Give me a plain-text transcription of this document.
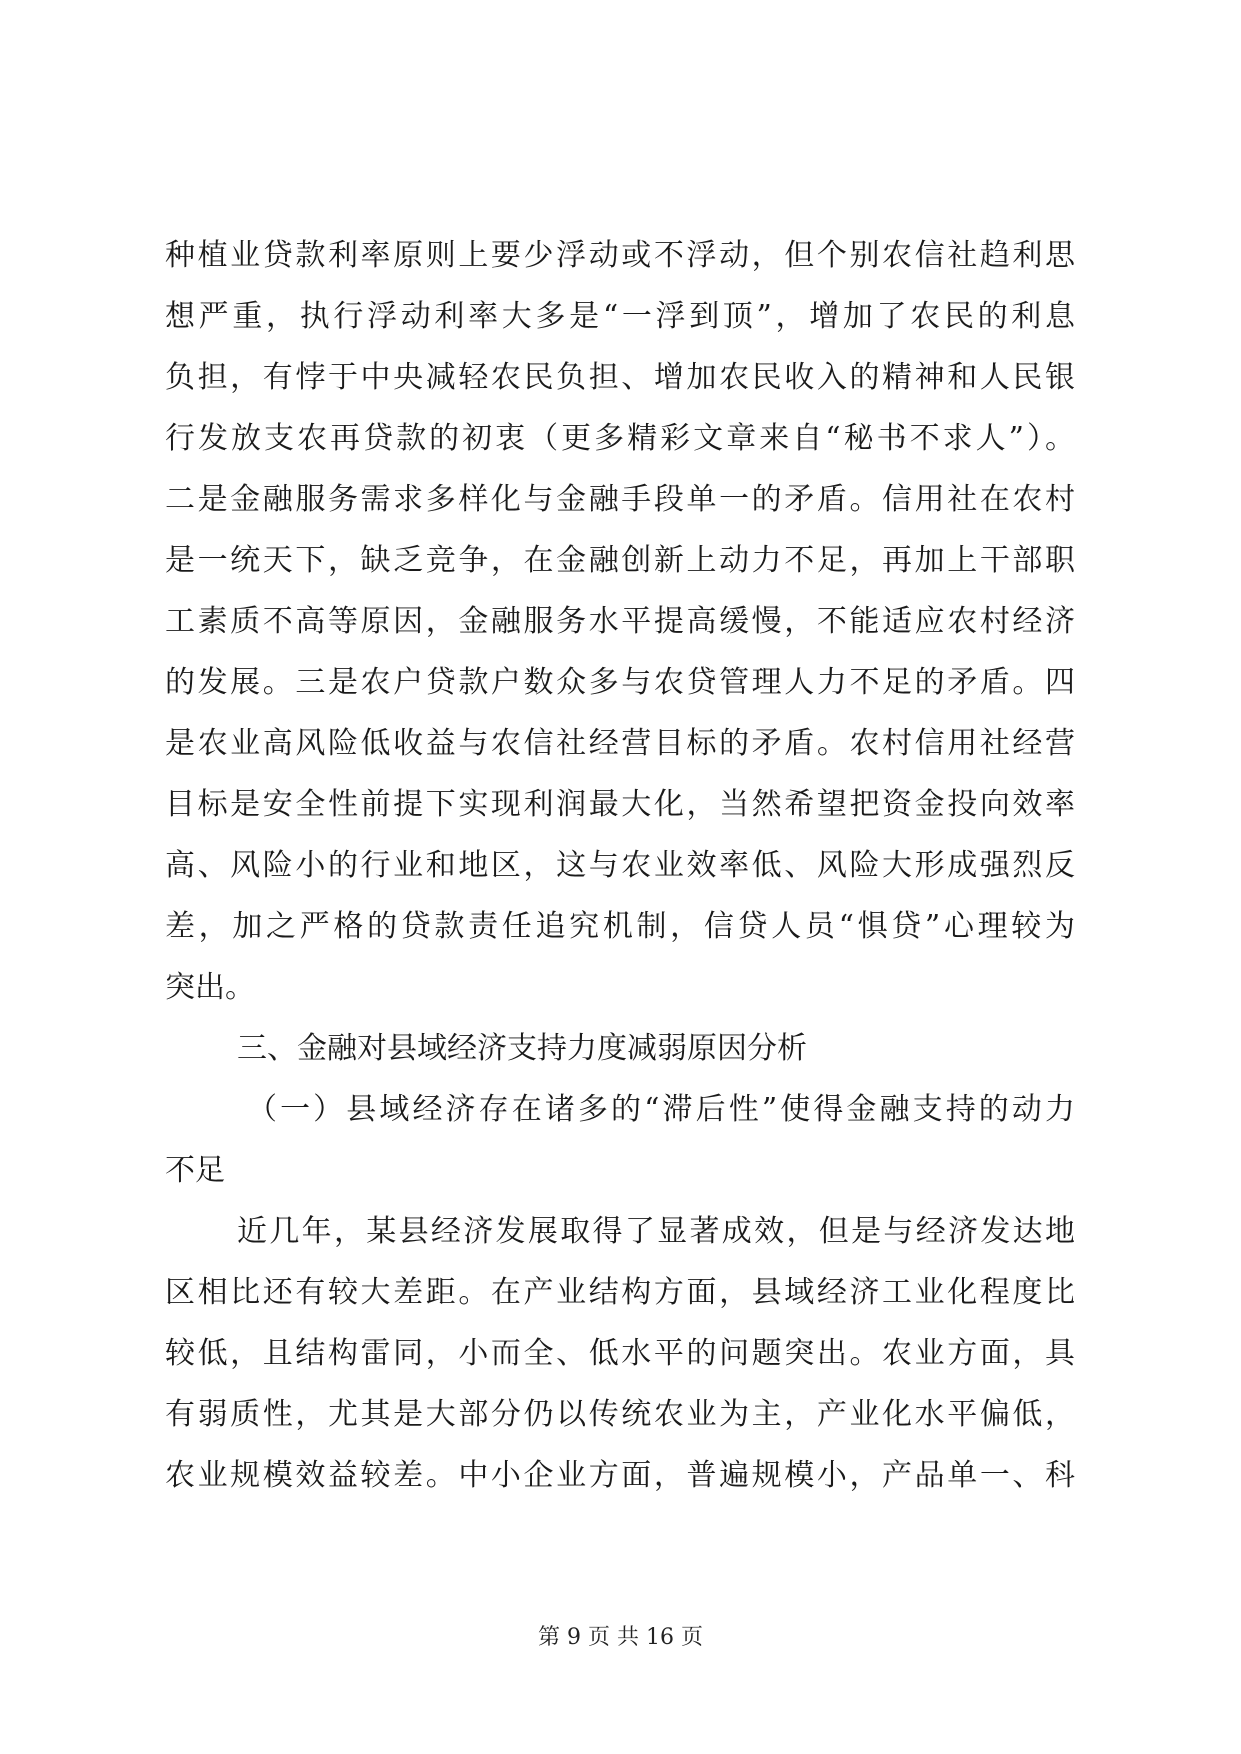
种植业贷款利率原则上要少浮动或不浮动，但个别农信社趋利思
想严重，执行浮动利率大多是“一浮到顶”，增加了农民的利息
负担，有悖于中央减轻农民负担、增加农民收入的精神和人民银
行发放支农再贷款的初衷（更多精彩文章来自“秘书不求人”）。
二是金融服务需求多样化与金融手段单一的矛盾。信用社在农村
是一统天下，缺乏竞争，在金融创新上动力不足，再加上干部职
工素质不高等原因，金融服务水平提高缓慢，不能适应农村经济
的发展。三是农户贷款户数众多与农贷管理人力不足的矛盾。四
是农业高风险低收益与农信社经营目标的矛盾。农村信用社经营
目标是安全性前提下实现利润最大化，当然希望把资金投向效率
高、风险小的行业和地区，这与农业效率低、风险大形成强烈反
差，加之严格的贷款责任追究机制，信贷人员“惧贷”心理较为
突出。
三、金融对县域经济支持力度减弱原因分析
（一）县域经济存在诸多的“滞后性”使得金融支持的动力
不足
近几年，某县经济发展取得了显著成效，但是与经济发达地
区相比还有较大差距。在产业结构方面，县域经济工业化程度比
较低，且结构雷同，小而全、低水平的问题突出。农业方面，具
有弱质性，尤其是大部分仍以传统农业为主，产业化水平偏低，
农业规模效益较差。中小企业方面，普遍规模小，产品单一、科
第 9 页 共 16 页
